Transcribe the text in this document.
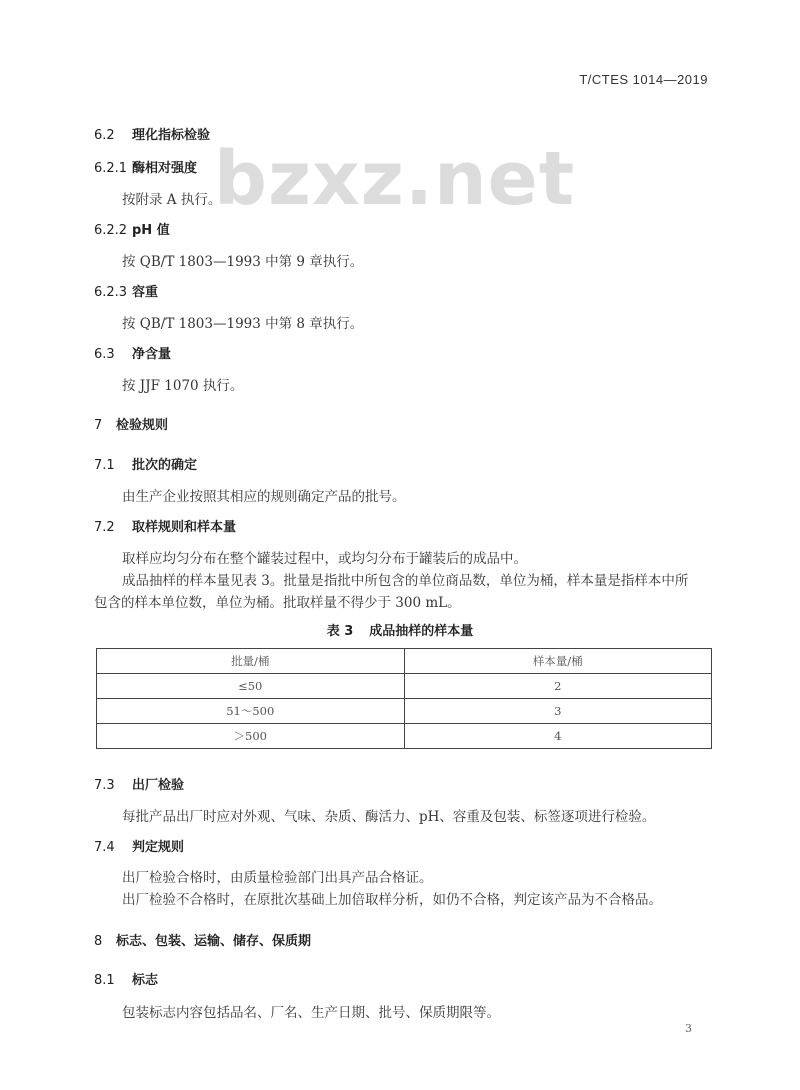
T/CTES 1014—2019
bzxz.net
6.2 理化指标检验
6.2.1 酶相对强度
按附录 A 执行。
6.2.2 pH 值
按 QB/T 1803—1993 中第 9 章执行。
6.2.3 容重
按 QB/T 1803—1993 中第 8 章执行。
6.3 净含量
按 JJF 1070 执行。
7 检验规则
7.1 批次的确定
由生产企业按照其相应的规则确定产品的批号。
7.2 取样规则和样本量
取样应均匀分布在整个罐装过程中，或均匀分布于罐装后的成品中。
成品抽样的样本量见表 3。批量是指批中所包含的单位商品数，单位为桶，样本量是指样本中所
包含的样本单位数，单位为桶。批取样量不得少于 300 mL。
表 3 成品抽样的样本量
批量/桶	样本量/桶
≤50	2
51～500	3
＞500	4
7.3 出厂检验
每批产品出厂时应对外观、气味、杂质、酶活力、pH、容重及包装、标签逐项进行检验。
7.4 判定规则
出厂检验合格时，由质量检验部门出具产品合格证。
出厂检验不合格时，在原批次基础上加倍取样分析，如仍不合格，判定该产品为不合格品。
8 标志、包装、运输、储存、保质期
8.1 标志
包装标志内容包括品名、厂名、生产日期、批号、保质期限等。
3
